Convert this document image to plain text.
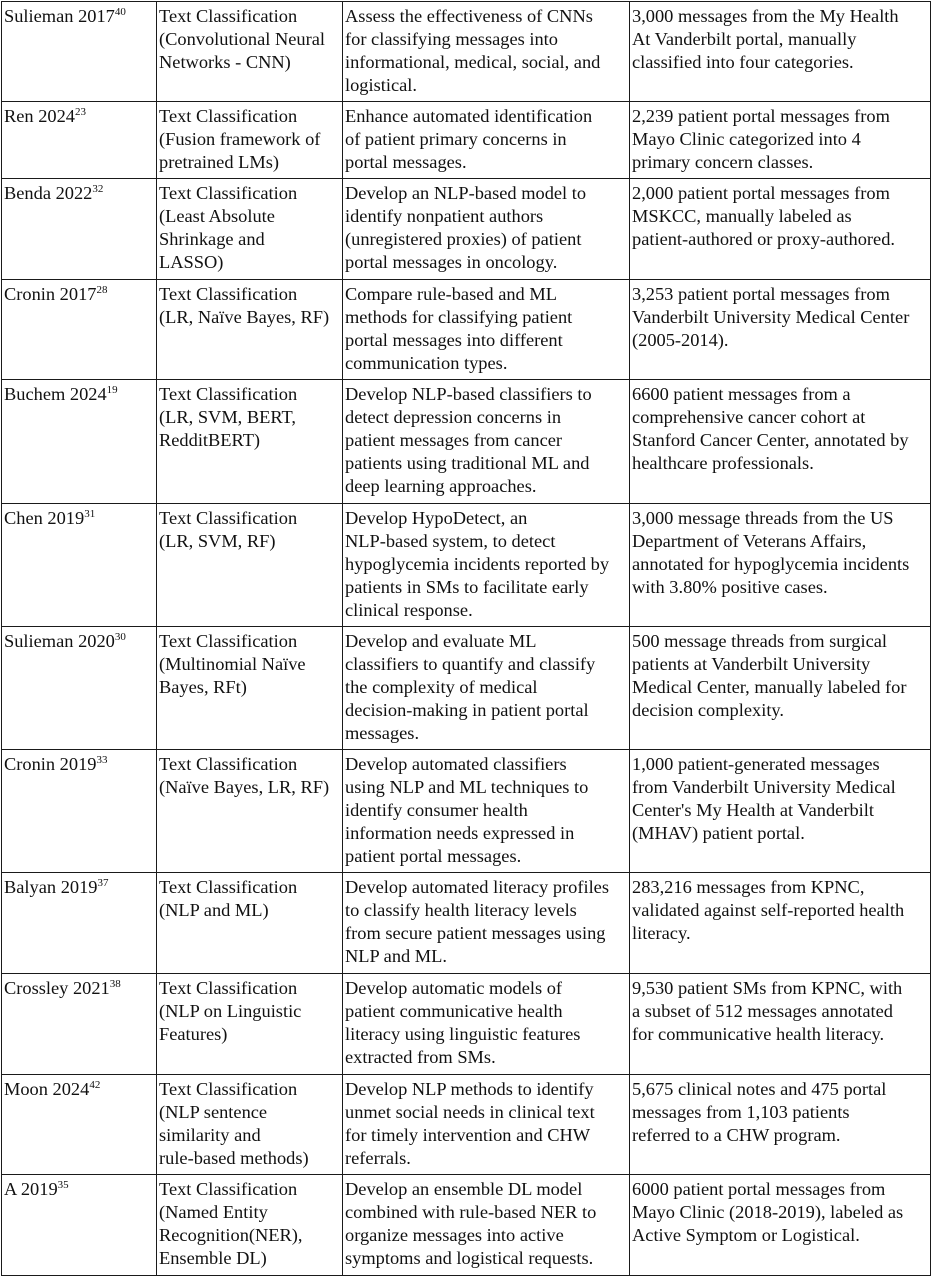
Sulieman 2017$^{40}$	Text Classification
(Convolutional Neural
Networks - CNN)	Assess the effectiveness of CNNs
for classifying messages into
informational, medical, social, and
logistical.	3,000 messages from the My Health
At Vanderbilt portal, manually
classified into four categories.

Ren 2024$^{23}$	Text Classification
(Fusion framework of
pretrained LMs)	Enhance automated identification
of patient primary concerns in
portal messages.	2,239 patient portal messages from
Mayo Clinic categorized into 4
primary concern classes.

Benda 2022$^{32}$	Text Classification
(Least Absolute
Shrinkage and
LASSO)	Develop an NLP-based model to
identify nonpatient authors
(unregistered proxies) of patient
portal messages in oncology.	2,000 patient portal messages from
MSKCC, manually labeled as
patient-authored or proxy-authored.

Cronin 2017$^{28}$	Text Classification
(LR, Naïve Bayes, RF)	Compare rule-based and ML
methods for classifying patient
portal messages into different
communication types.	3,253 patient portal messages from
Vanderbilt University Medical Center
(2005-2014).

Buchem 2024$^{19}$	Text Classification
(LR, SVM, BERT,
RedditBERT)	Develop NLP-based classifiers to
detect depression concerns in
patient messages from cancer
patients using traditional ML and
deep learning approaches.	6600 patient messages from a
comprehensive cancer cohort at
Stanford Cancer Center, annotated by
healthcare professionals.

Chen 2019$^{31}$	Text Classification
(LR, SVM, RF)	Develop HypoDetect, an
NLP-based system, to detect
hypoglycemia incidents reported by
patients in SMs to facilitate early
clinical response.	3,000 message threads from the US
Department of Veterans Affairs,
annotated for hypoglycemia incidents
with 3.80% positive cases.

Sulieman 2020$^{30}$	Text Classification
(Multinomial Naïve
Bayes, RFt)	Develop and evaluate ML
classifiers to quantify and classify
the complexity of medical
decision-making in patient portal
messages.	500 message threads from surgical
patients at Vanderbilt University
Medical Center, manually labeled for
decision complexity.

Cronin 2019$^{33}$	Text Classification
(Naïve Bayes, LR, RF)	Develop automated classifiers
using NLP and ML techniques to
identify consumer health
information needs expressed in
patient portal messages.	1,000 patient-generated messages
from Vanderbilt University Medical
Center's My Health at Vanderbilt
(MHAV) patient portal.

Balyan 2019$^{37}$	Text Classification
(NLP and ML)	Develop automated literacy profiles
to classify health literacy levels
from secure patient messages using
NLP and ML.	283,216 messages from KPNC,
validated against self-reported health
literacy.

Crossley 2021$^{38}$	Text Classification
(NLP on Linguistic
Features)	Develop automatic models of
patient communicative health
literacy using linguistic features
extracted from SMs.	9,530 patient SMs from KPNC, with
a subset of 512 messages annotated
for communicative health literacy.

Moon 2024$^{42}$	Text Classification
(NLP sentence
similarity and
rule-based methods)	Develop NLP methods to identify
unmet social needs in clinical text
for timely intervention and CHW
referrals.	5,675 clinical notes and 475 portal
messages from 1,103 patients
referred to a CHW program.

A 2019$^{35}$	Text Classification
(Named Entity
Recognition(NER),
Ensemble DL)	Develop an ensemble DL model
combined with rule-based NER to
organize messages into active
symptoms and logistical requests.	6000 patient portal messages from
Mayo Clinic (2018-2019), labeled as
Active Symptom or Logistical.
